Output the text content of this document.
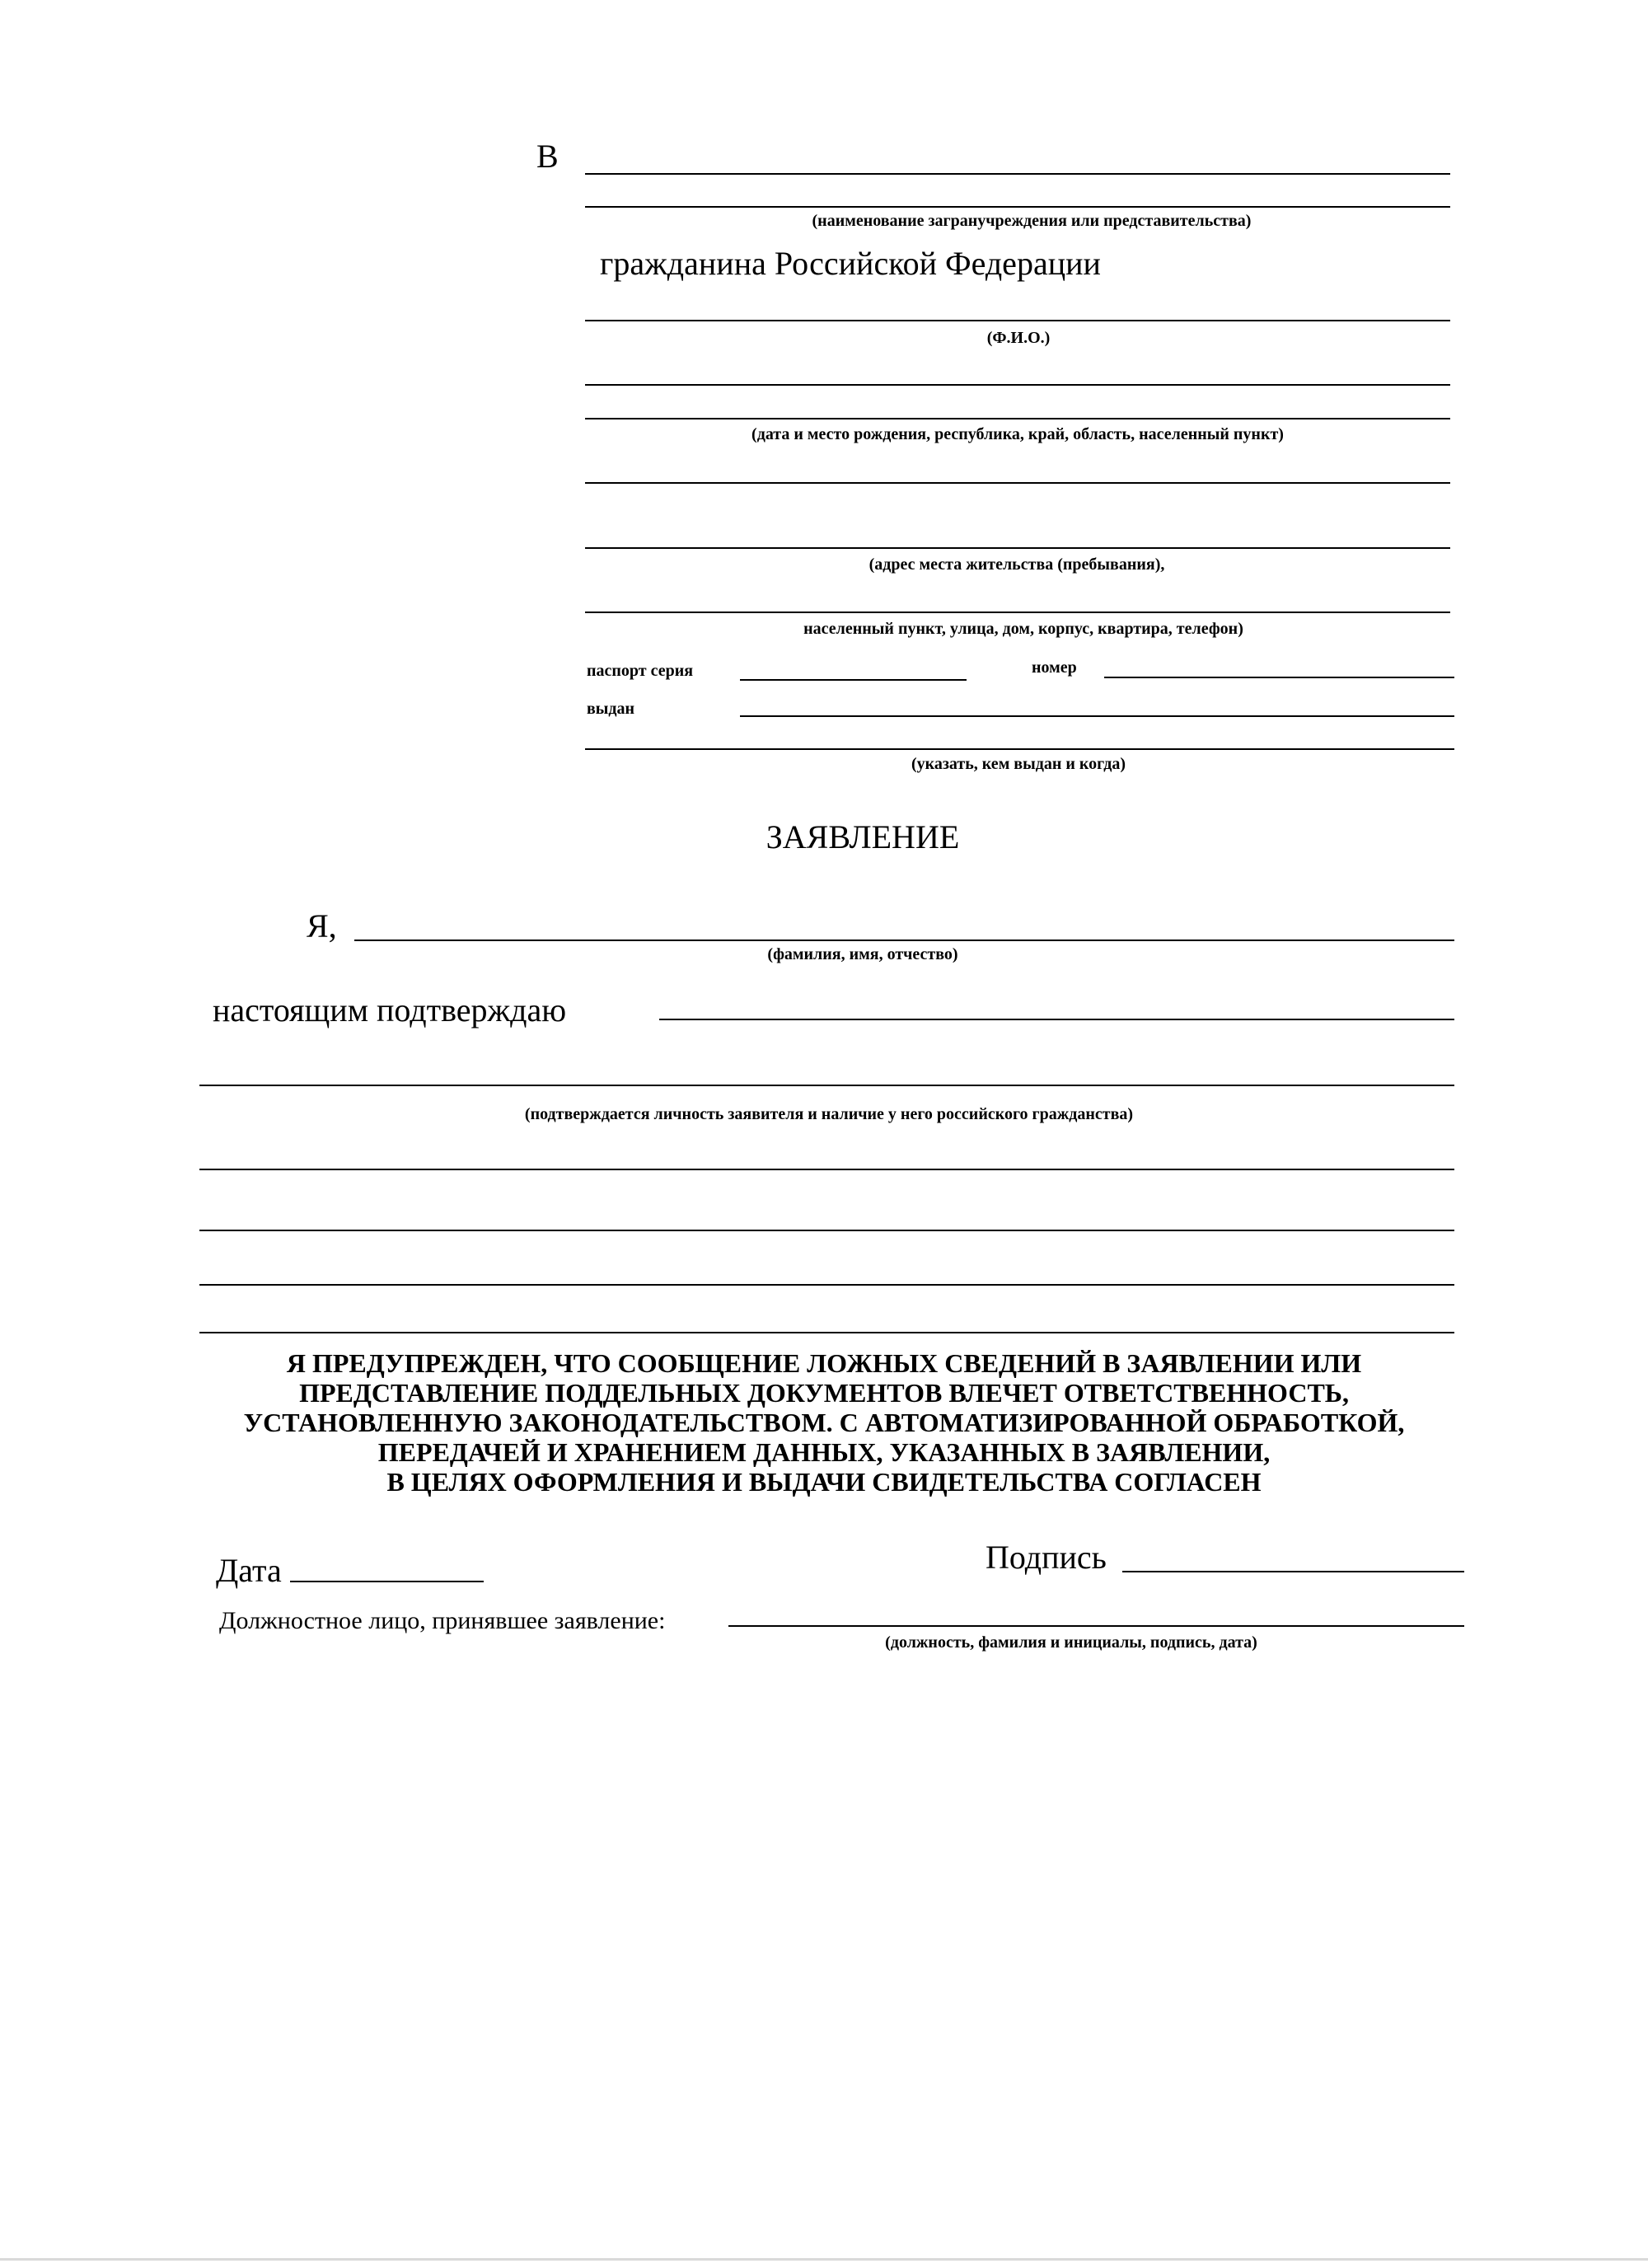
В
(наименование загранучреждения или представительства)
гражданина Российской Федерации
(Ф.И.О.)
(дата и место рождения, республика, край, область, населенный пункт)
(адрес места жительства (пребывания),
населенный пункт, улица, дом, корпус, квартира, телефон)
паспорт серия	номер
выдан
(указать, кем выдан и когда)
ЗАЯВЛЕНИЕ
Я,
(фамилия, имя, отчество)
настоящим подтверждаю
(подтверждается личность заявителя и наличие у него российского гражданства)
Я ПРЕДУПРЕЖДЕН, ЧТО СООБЩЕНИЕ ЛОЖНЫХ СВЕДЕНИЙ В ЗАЯВЛЕНИИ ИЛИ
ПРЕДСТАВЛЕНИЕ ПОДДЕЛЬНЫХ ДОКУМЕНТОВ ВЛЕЧЕТ ОТВЕТСТВЕННОСТЬ,
УСТАНОВЛЕННУЮ ЗАКОНОДАТЕЛЬСТВОМ. С АВТОМАТИЗИРОВАННОЙ ОБРАБОТКОЙ,
ПЕРЕДАЧЕЙ И ХРАНЕНИЕМ ДАННЫХ, УКАЗАННЫХ В ЗАЯВЛЕНИИ,
В ЦЕЛЯХ ОФОРМЛЕНИЯ И ВЫДАЧИ СВИДЕТЕЛЬСТВА СОГЛАСЕН
Дата	Подпись
Должностное лицо, принявшее заявление:
(должность, фамилия и инициалы, подпись, дата)
